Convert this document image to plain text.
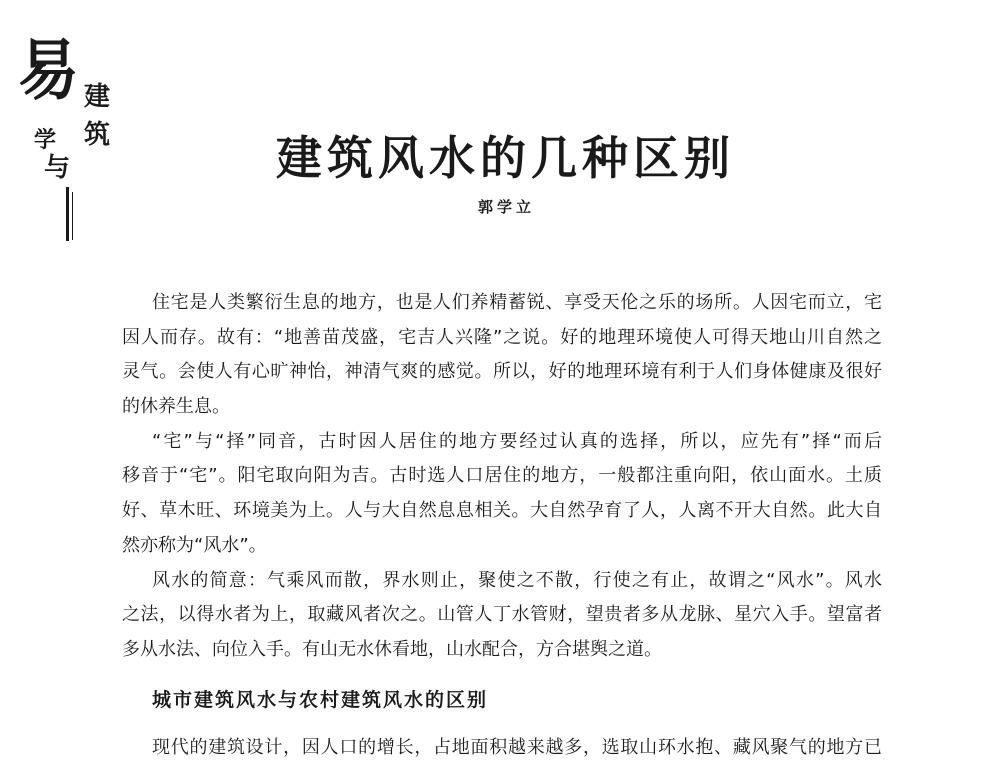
易 建
筑
学
与	建筑风水的几种区别
郭学立
住宅是人类繁衍生息的地方，也是人们养精蓄锐、享受天伦之乐的场所。人因宅而立，宅
因人而存。故有：“地善苗茂盛，宅吉人兴隆”之说。好的地理环境使人可得天地山川自然之
灵气。会使人有心旷神怡，神清气爽的感觉。所以，好的地理环境有利于人们身体健康及很好
的休养生息。
“宅”与“择”同音，古时因人居住的地方要经过认真的选择，所以，应先有”择“而后
移音于“宅”。阳宅取向阳为吉。古时选人口居住的地方，一般都注重向阳，依山面水。土质
好、草木旺、环境美为上。人与大自然息息相关。大自然孕育了人，人离不开大自然。此大自
然亦称为“风水”。
风水的简意：气乘风而散，界水则止，聚使之不散，行使之有止，故谓之“风水”。风水
之法，以得水者为上，取藏风者次之。山管人丁水管财，望贵者多从龙脉、星穴入手。望富者
多从水法、向位入手。有山无水休看地，山水配合，方合堪舆之道。
城市建筑风水与农村建筑风水的区别
现代的建筑设计，因人口的增长，占地面积越来越多，选取山环水抱、藏风聚气的地方已
